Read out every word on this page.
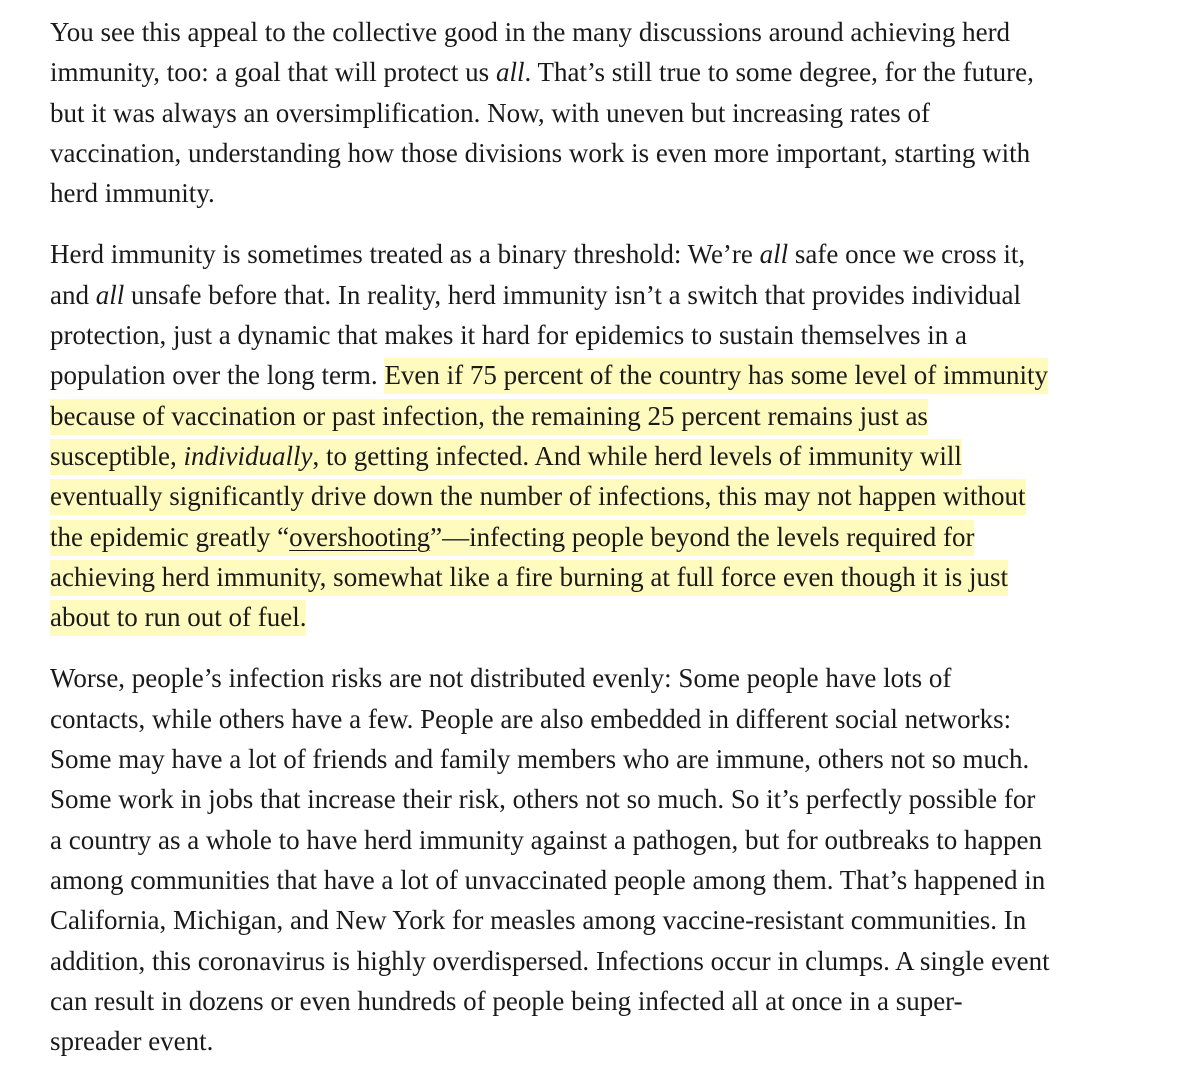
You see this appeal to the collective good in the many discussions around achieving herd immunity, too: a goal that will protect us all. That’s still true to some degree, for the future, but it was always an oversimplification. Now, with uneven but increasing rates of vaccination, understanding how those divisions work is even more important, starting with herd immunity.

Herd immunity is sometimes treated as a binary threshold: We’re all safe once we cross it, and all unsafe before that. In reality, herd immunity isn’t a switch that provides individual protection, just a dynamic that makes it hard for epidemics to sustain themselves in a population over the long term. Even if 75 percent of the country has some level of immunity because of vaccination or past infection, the remaining 25 percent remains just as susceptible, individually, to getting infected. And while herd levels of immunity will eventually significantly drive down the number of infections, this may not happen without the epidemic greatly “overshooting”—infecting people beyond the levels required for achieving herd immunity, somewhat like a fire burning at full force even though it is just about to run out of fuel.

Worse, people’s infection risks are not distributed evenly: Some people have lots of contacts, while others have a few. People are also embedded in different social networks: Some may have a lot of friends and family members who are immune, others not so much. Some work in jobs that increase their risk, others not so much. So it’s perfectly possible for a country as a whole to have herd immunity against a pathogen, but for outbreaks to happen among communities that have a lot of unvaccinated people among them. That’s happened in California, Michigan, and New York for measles among vaccine-resistant communities. In addition, this coronavirus is highly overdispersed. Infections occur in clumps. A single event can result in dozens or even hundreds of people being infected all at once in a super-spreader event.
